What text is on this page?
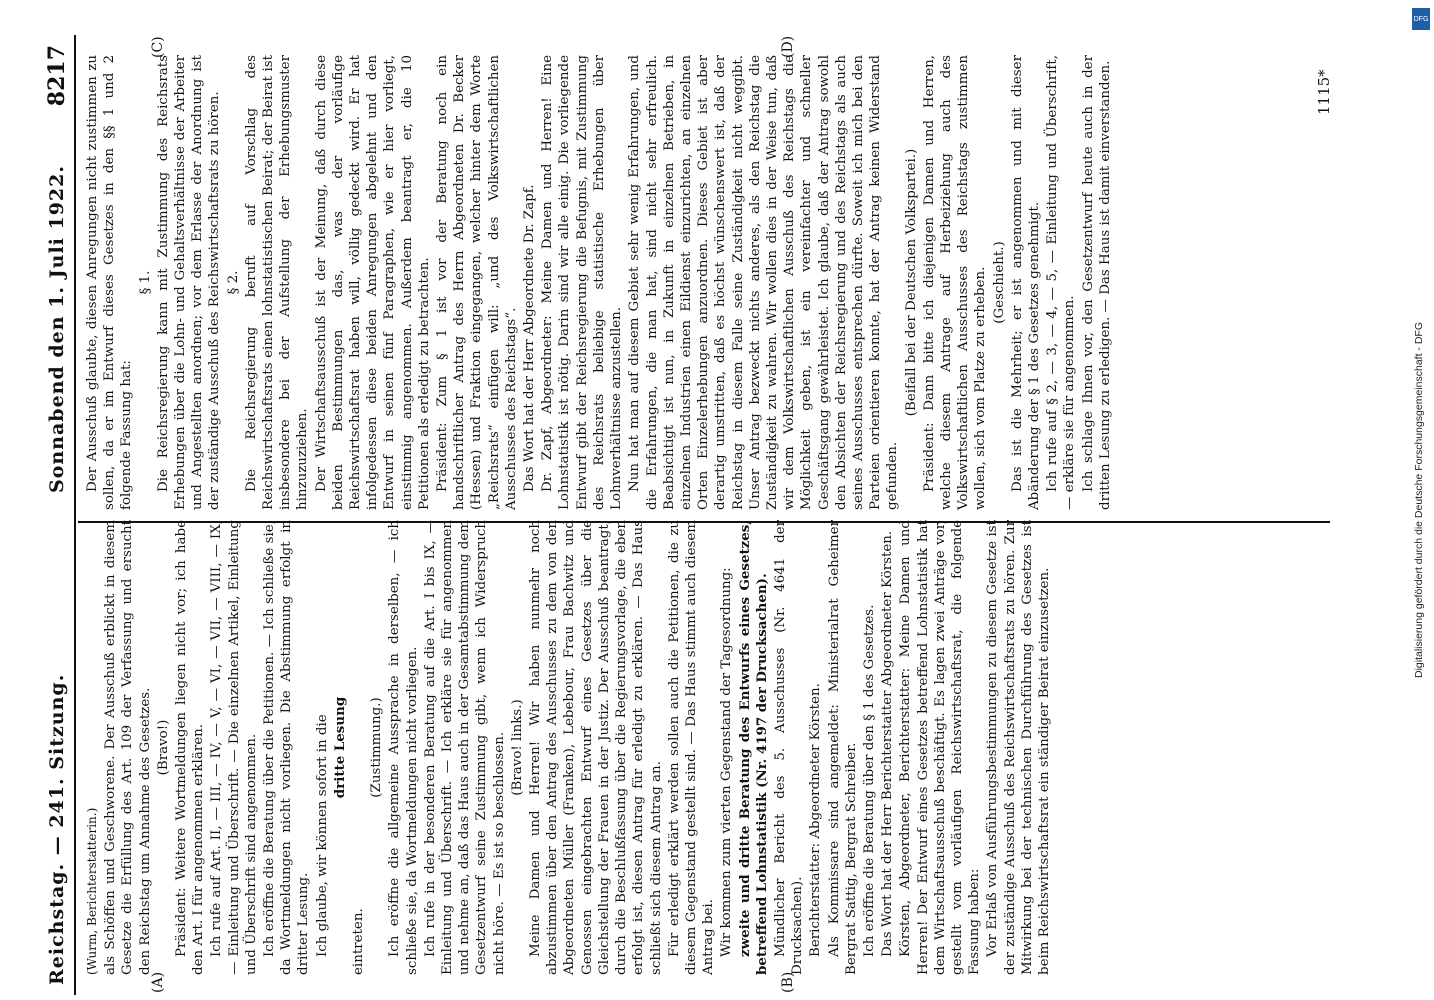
Reichstag. — 241. Sitzung.
Sonnabend den 1. Juli 1922.
8217

(Wurm, Berichterstatterin.) als Schöffen und Geschworene. Der Ausschuß erblickt in diesem Gesetze die Erfüllung des Art. 109 der Verfassung und ersucht den Reichstag um Annahme des Gesetzes. (Bravo!) Präsident: Weitere Wortmeldungen liegen nicht vor; ich habe den Art. I für angenommen erklären. Ich rufe auf Art. II, — III, — IV, — V, — VI, — VII, — VIII, — IX, — Einleitung und Überschrift. — Die einzelnen Artikel, Einleitung und Überschrift sind angenommen. Ich eröffne die Beratung über die Petitionen. — Ich schließe sie, da Wortmeldungen nicht vorliegen. Die Abstimmung erfolgt in dritter Lesung. Ich glaube, wir können sofort in die dritte Lesung

eintreten.

(Zustimmung.) Ich eröffne die allgemeine Aussprache in derselben, — ich schließe sie, da Wortmeldungen nicht vorliegen. Ich rufe in der besonderen Beratung auf die Art. I bis IX, — Einleitung und Überschrift. — Ich erkläre sie für angenommen und nehme an, daß das Haus auch in der Gesamtabstimmung dem Gesetzentwurf seine Zustimmung gibt, wenn ich Widerspruch nicht höre. — Es ist so beschlossen. (Bravo! links.) Meine Damen und Herren! Wir haben nunmehr noch abzustimmen über den Antrag des Ausschusses zu dem von den Abgeordneten Müller (Franken), Lebebour, Frau Bachwitz und Genossen eingebrachten Entwurf eines Gesetzes über die Gleichstellung der Frauen in der Justiz. Der Ausschuß beantragt, durch die Beschlußfassung über die Regierungsvorlage, die eben erfolgt ist, diesen Antrag für erledigt zu erklären. — Das Haus schließt sich diesem Antrag an. Für erledigt erklärt werden sollen auch die Petitionen, die zu diesem Gegenstand gestellt sind. — Das Haus stimmt auch diesem Antrag bei. Wir kommen zum vierten Gegenstand der Tagesordnung: zweite und dritte Beratung des Entwurfs eines Gesetzes, betreffend Lohnstatistik (Nr. 4197 der Drucksachen). Mündlicher Bericht des 5. Ausschusses (Nr. 4641 der Drucksachen). Berichterstatter: Abgeordneter Körsten. Als Kommissare sind angemeldet: Ministerialrat Geheimer Bergrat Sattig, Bergrat Schreiber. Ich eröffne die Beratung über den § 1 des Gesetzes. Das Wort hat der Herr Berichterstatter Abgeordneter Körsten. Körsten, Abgeordneter, Berichterstatter: Meine Damen und Herren! Der Entwurf eines Gesetzes betreffend Lohnstatistik hat dem Wirtschaftsausschuß beschäftigt. Es lagen zwei Anträge vor, gestellt vom vorläufigen Reichswirtschaftsrat, die folgende Fassung haben: Vor Erlaß von Ausführungsbestimmungen zu diesem Gesetze ist der zuständige Ausschuß des Reichswirtschaftsrats zu hören. Zur Mitwirkung bei der technischen Durchführung des Gesetzes ist beim Reichswirtschaftsrat ein ständiger Beirat einzusetzen.

Der Ausschuß glaubte, diesen Anregungen nicht zustimmen zu sollen, da er im Entwurf dieses Gesetzes in den §§ 1 und 2 folgende Fassung hat:

§ 1. Die Reichsregierung kann mit Zustimmung des Reichsrats Erhebungen über die Lohn- und Gehaltsverhältnisse der Arbeiter und Angestellten anordnen; vor dem Erlasse der Anordnung ist der zuständige Ausschuß des Reichswirtschaftsrats zu hören. § 2. Die Reichsregierung beruft auf Vorschlag des Reichswirtschaftsrats einen lohnstatistischen Beirat; der Beirat ist insbesondere bei der Aufstellung der Erhebungsmuster hinzuzuziehen. Der Wirtschaftsausschuß ist der Meinung, daß durch diese beiden Bestimmungen das, was der vorläufige Reichswirtschaftsrat haben will, völlig gedeckt wird. Er hat infolgedessen diese beiden Anregungen abgelehnt und den Entwurf in seinen fünf Paragraphen, wie er hier vorliegt, einstimmig angenommen. Außerdem beantragt er, die 10 Petitionen als erledigt zu betrachten. Präsident: Zum § 1 ist vor der Beratung noch ein handschriftlicher Antrag des Herrn Abgeordneten Dr. Becker (Hessen) und Fraktion eingegangen, welcher hinter dem Worte „Reichsrats“ einfügen will: „und des Volkswirtschaftlichen Ausschusses des Reichstags“. Das Wort hat der Herr Abgeordnete Dr. Zapf. Dr. Zapf, Abgeordneter: Meine Damen und Herren! Eine Lohnstatistik ist nötig. Darin sind wir alle einig. Die vorliegende Entwurf gibt der Reichsregierung die Befugnis, mit Zustimmung des Reichsrats beliebige statistische Erhebungen über Lohnverhältnisse anzustellen. Nun hat man auf diesem Gebiet sehr wenig Erfahrungen, und die Erfahrungen, die man hat, sind nicht sehr erfreulich. Beabsichtigt ist nun, in Zukunft in einzelnen Betrieben, in einzelnen Industrien einen Eildienst einzurichten, an einzelnen Orten Einzelerhebungen anzuordnen. Dieses Gebiet ist aber derartig umstritten, daß es höchst wünschenswert ist, daß der Reichstag in diesem Falle seine Zuständigkeit nicht weggibt. Unser Antrag bezweckt nichts anderes, als den Reichstag die Zuständigkeit zu wahren. Wir wollen dies in der Weise tun, daß wir dem Volkswirtschaftlichen Ausschuß des Reichstags die Möglichkeit geben, ist ein vereinfachter und schneller Geschäftsgang gewährleistet. Ich glaube, daß der Antrag sowohl den Absichten der Reichsregierung und des Reichstags als auch seines Ausschusses entsprechen dürfte. Soweit ich mich bei den Parteien orientieren konnte, hat der Antrag keinen Widerstand gefunden.

(Beifall bei der Deutschen Volkspartei.) Präsident: Dann bitte ich diejenigen Damen und Herren, welche diesem Antrage auf Herbeiziehung auch des Volkswirtschaftlichen Ausschusses des Reichstags zustimmen wollen, sich vom Platze zu erheben. (Geschieht.) Das ist die Mehrheit; er ist angenommen und mit dieser Abänderung der § 1 des Gesetzes genehmigt. Ich rufe auf § 2, — 3, — 4, — 5, — Einleitung und Überschrift, — erkläre sie für angenommen. Ich schlage Ihnen vor, den Gesetzentwurf heute auch in der dritten Lesung zu erledigen. — Das Haus ist damit einverstanden.

(A)	(B)
(C)	(D)
1115*
Digitalisierung gefördert durch die Deutsche Forschungsgemeinschaft - DFG
DFG
